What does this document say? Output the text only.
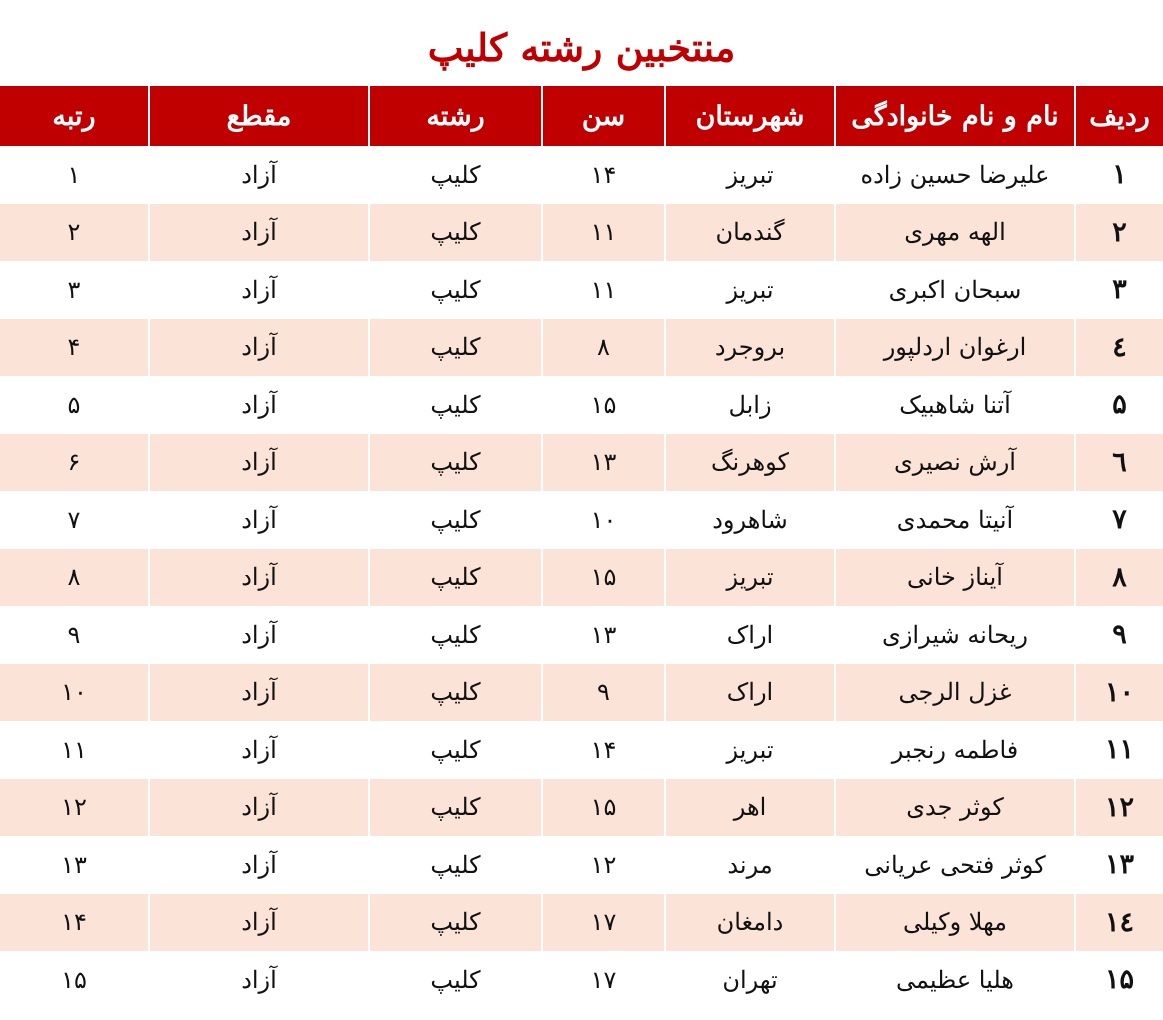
منتخبین رشته کلیپ
ردیف	نام و نام خانوادگی	شهرستان	سن	رشته	مقطع	رتبه
۱	علیرضا حسین زاده	تبریز	۱۴	کلیپ	آزاد	۱
۲	الهه مهری	گندمان	۱۱	کلیپ	آزاد	۲
۳	سبحان اکبری	تبریز	۱۱	کلیپ	آزاد	۳
٤	ارغوان اردلپور	بروجرد	۸	کلیپ	آزاد	۴
۵	آتنا شاهبیک	زابل	۱۵	کلیپ	آزاد	۵
٦	آرش نصیری	کوهرنگ	۱۳	کلیپ	آزاد	۶
۷	آنیتا محمدی	شاهرود	۱۰	کلیپ	آزاد	۷
۸	آیناز خانی	تبریز	۱۵	کلیپ	آزاد	۸
۹	ریحانه شیرازی	اراک	۱۳	کلیپ	آزاد	۹
۱۰	غزل الرجی	اراک	۹	کلیپ	آزاد	۱۰
۱۱	فاطمه رنجبر	تبریز	۱۴	کلیپ	آزاد	۱۱
۱۲	کوثر جدی	اهر	۱۵	کلیپ	آزاد	۱۲
۱۳	کوثر فتحی عریانی	مرند	۱۲	کلیپ	آزاد	۱۳
١٤	مهلا وکیلی	دامغان	۱۷	کلیپ	آزاد	۱۴
۱۵	هلیا عظیمی	تهران	۱۷	کلیپ	آزاد	۱۵
